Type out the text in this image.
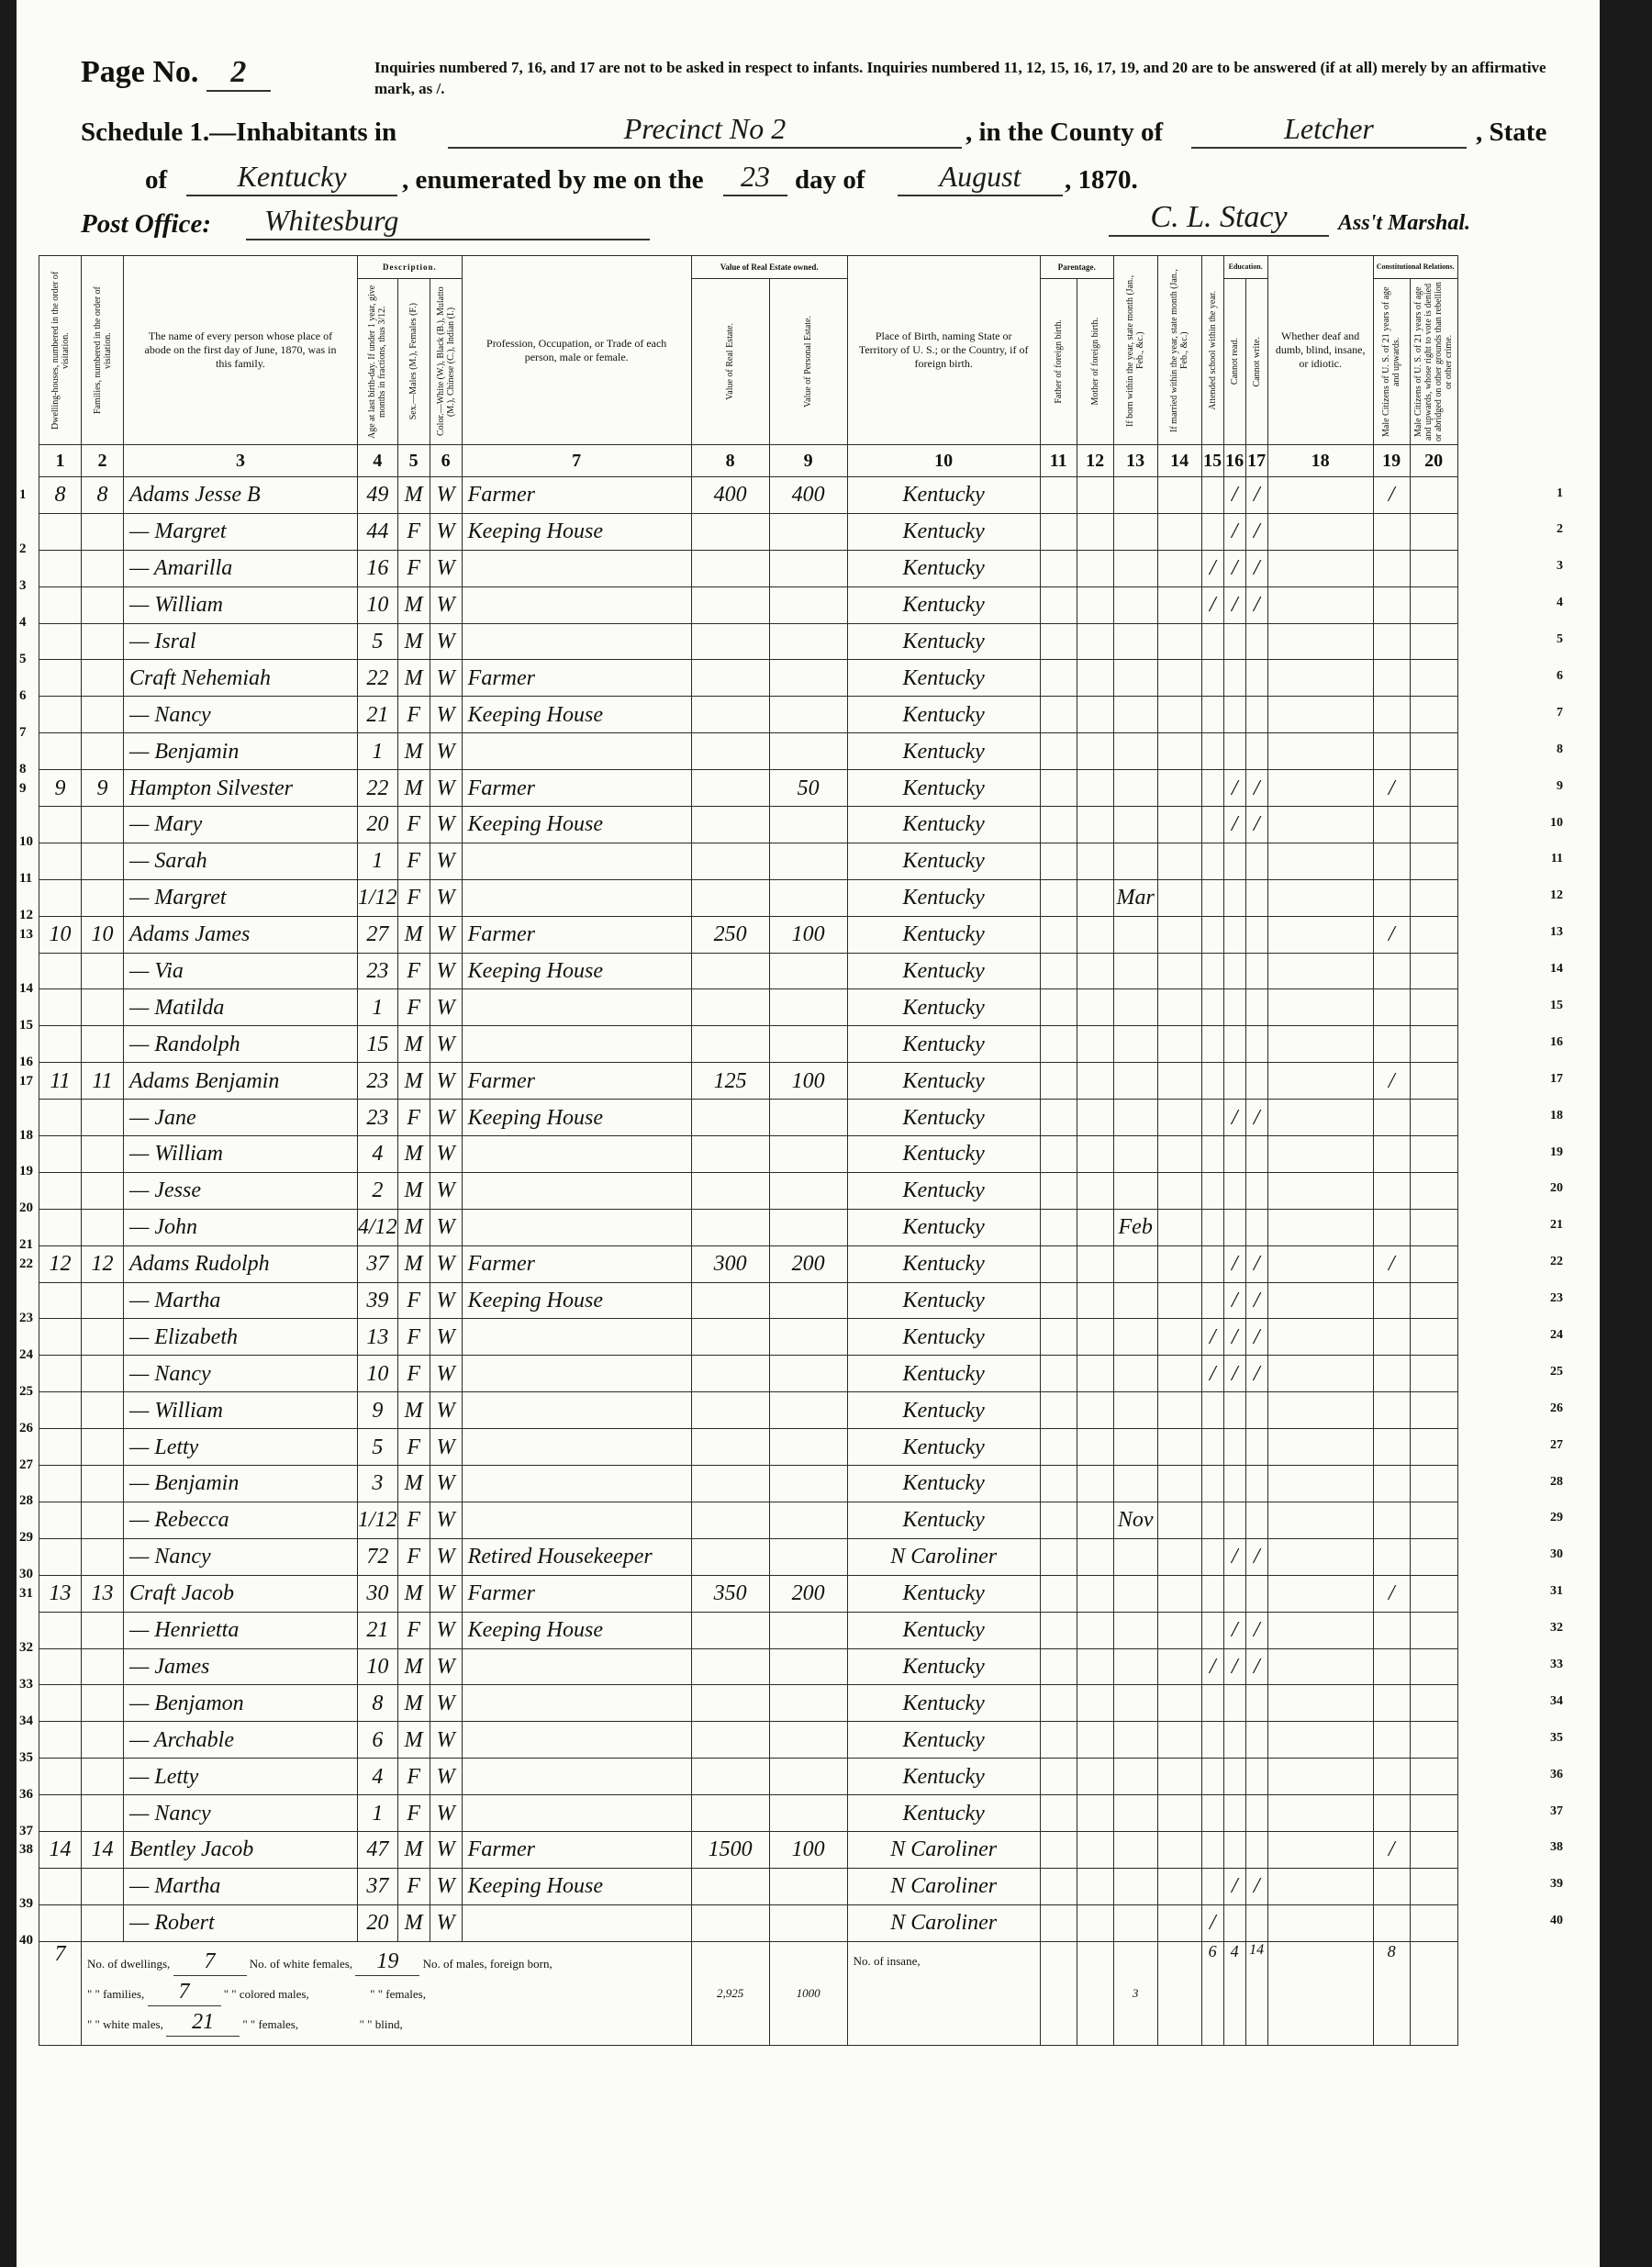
Page No. 2	Inquiries numbered 7, 16, and 17 are not to be asked in respect to infants. Inquiries numbered 11, 12, 15, 16, 17, 19, and 20 are to be answered (if at all) merely by an affirmative mark, as /.
Schedule 1.—Inhabitants in	Precinct No 2	, in the County of	Letcher	, State
of	Kentucky	, enumerated by me on the	23 day of	August	, 1870.
Post Office:	Whitesburg	C. L. Stacy	Ass't Marshal.
Dwelling-houses, numbered in the order of visitation.	Families, numbered in the order of visitation.	The name of every person whose place of abode on the first day of June, 1870, was in this family.	Description.			Profession, Occupation, or Trade of each person, male or female.	Value of Real Estate owned.		Place of Birth, naming State or Territory of U. S.; or the Country, if of foreign birth.	Parentage.		If born within the year, state month (Jan., Feb., &c.)	If married within the year, state month (Jan., Feb., &c.)	Attended school within the year.	Education.		Whether deaf and dumb, blind, insane, or idiotic.	Constitutional Relations.	

			Age at last birth-day. If under 1 year, give months in fractions, thus 3/12.	Sex.—Males (M.), Females (F.)	Color.—White (W.), Black (B.), Mulatto (M.), Chinese (C.), Indian (I.)		Value of Real Estate.	Value of Personal Estate.		Father of foreign birth.	Mother of foreign birth.				Cannot read.	Cannot write.		Male Citizens of U. S. of 21 years of age and upwards.	Male Citizens of U. S. of 21 years of age and upwards, whose right to vote is denied or abridged on other grounds than rebellion or other crime.

1	2	3	4	5	6	7	8	9	10	11	12	13	14	15	16	17	18	19	20

1 8	8	Adams Jesse B	49	M	W	Farmer	400	400	Kentucky						/	/		/	

2		— Margret	44	F	W	Keeping House			Kentucky						/	/			

3		— Amarilla	16	F	W				Kentucky					/	/	/			

4		— William	10	M	W				Kentucky					/	/	/			

5		— Isral	5	M	W				Kentucky										

6		Craft Nehemiah	22	M	W	Farmer			Kentucky										

7		— Nancy	21	F	W	Keeping House			Kentucky										

8		— Benjamin	1	M	W				Kentucky										

9 9	9	Hampton Silvester	22	M	W	Farmer		50	Kentucky						/	/		/	

10		— Mary	20	F	W	Keeping House			Kentucky						/	/			

11		— Sarah	1	F	W				Kentucky										

12		— Margret	1/12	F	W				Kentucky			Mar							

13 10	10	Adams James	27	M	W	Farmer	250	100	Kentucky									/	

14		— Via	23	F	W	Keeping House			Kentucky										

15		— Matilda	1	F	W				Kentucky										

16		— Randolph	15	M	W				Kentucky										

17 11	11	Adams Benjamin	23	M	W	Farmer	125	100	Kentucky									/	

18		— Jane	23	F	W	Keeping House			Kentucky						/	/			

19		— William	4	M	W				Kentucky										

20		— Jesse	2	M	W				Kentucky										

21		— John	4/12	M	W				Kentucky			Feb							

22 12	12	Adams Rudolph	37	M	W	Farmer	300	200	Kentucky						/	/		/	

23		— Martha	39	F	W	Keeping House			Kentucky						/	/			

24		— Elizabeth	13	F	W				Kentucky					/	/	/			

25		— Nancy	10	F	W				Kentucky					/	/	/			

26		— William	9	M	W				Kentucky										

27		— Letty	5	F	W				Kentucky										

28		— Benjamin	3	M	W				Kentucky										

29		— Rebecca	1/12	F	W				Kentucky			Nov							

30		— Nancy	72	F	W	Retired Housekeeper			N Caroliner						/	/			

31 13	13	Craft Jacob	30	M	W	Farmer	350	200	Kentucky									/	

32		— Henrietta	21	F	W	Keeping House			Kentucky						/	/			

33		— James	10	M	W				Kentucky					/	/	/			

34		— Benjamon	8	M	W				Kentucky										

35		— Archable	6	M	W				Kentucky										

36		— Letty	4	F	W				Kentucky										

37		— Nancy	1	F	W				Kentucky										

38 14	14	Bentley Jacob	47	M	W	Farmer	1500	100	N Caroliner									/	

39		— Martha	37	F	W	Keeping House			N Caroliner						/	/			

40		— Robert	20	M	W				N Caroliner					/					
7	No. of dwellings, 7 No. of white females, 19 No. of males, foreign born,
" " families, 7 " " colored males, " " females,
" " white males, 21 " " females, " " blind,						2,925	1000	No. of insane,			3		6	4	14		8	
1
2
3
4
5
6
7
8
9
10
11
12
13
14
15
16
17
18
19
20
21
22
23
24
25
26
27
28
29
30
31
32
33
34
35
36
37
38
39
40
